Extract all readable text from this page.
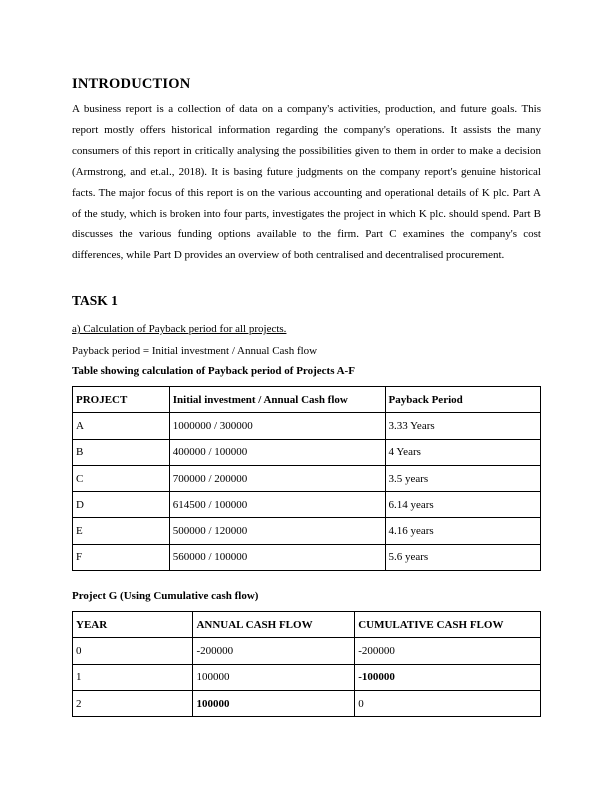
INTRODUCTION

A business report is a collection of data on a company's activities, production, and future goals. This report mostly offers historical information regarding the company's operations. It assists the many consumers of this report in critically analysing the possibilities given to them in order to make a decision (Armstrong, and et.al., 2018). It is basing future judgments on the company report's genuine historical facts. The major focus of this report is on the various accounting and operational details of K plc. Part A of the study, which is broken into four parts, investigates the project in which K plc. should spend. Part B discusses the various funding options available to the firm. Part C examines the company's cost differences, while Part D provides an overview of both centralised and decentralised procurement.

TASK 1

a) Calculation of Payback period for all projects.

Payback period = Initial investment / Annual Cash flow

Table showing calculation of Payback period of Projects A-F

PROJECT	Initial investment / Annual Cash flow	Payback Period
A	1000000 / 300000	3.33 Years
B	400000 / 100000	4 Years
C	700000 / 200000	3.5 years
D	614500 / 100000	6.14 years
E	500000 / 120000	4.16 years
F	560000 / 100000	5.6 years

Project G (Using Cumulative cash flow)

YEAR	ANNUAL CASH FLOW	CUMULATIVE CASH FLOW
0	-200000	-200000
1	100000	-100000
2	100000	0
